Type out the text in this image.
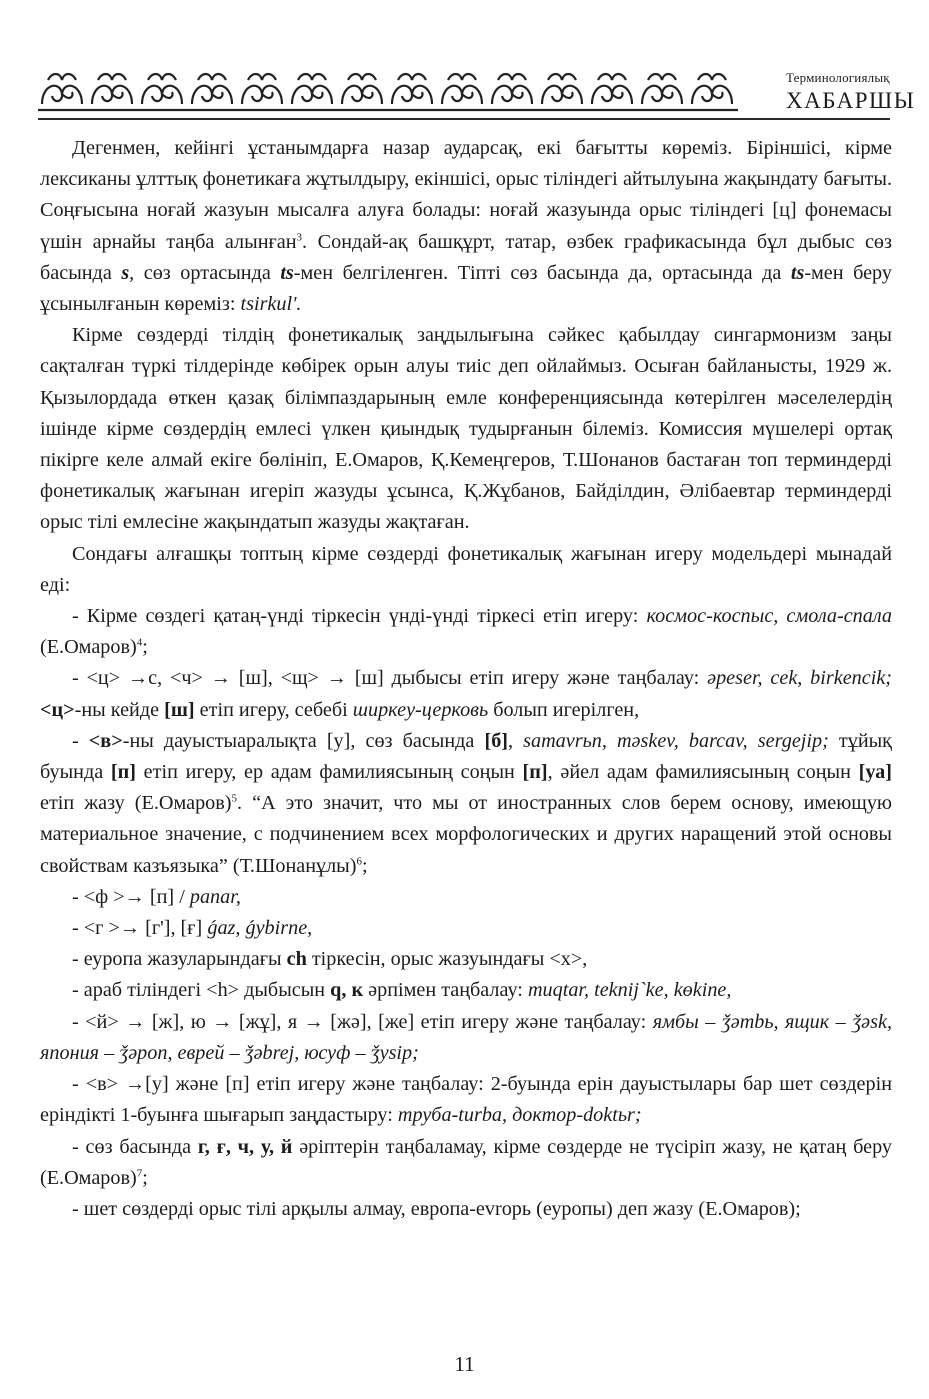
Терминологиялық
ХАБАРШЫ

Дегенмен, кейінгі ұстанымдарға назар аударсақ, екі бағытты көреміз. Біріншісі, кірме лексиканы ұлттық фонетикаға жұтылдыру, екіншісі, орыс тіліндегі айтылуына жақындату бағыты. Соңғысына ноғай жазуын мысалға алуға болады: ноғай жазуында орыс тіліндегі [ц] фонемасы үшін арнайы таңба алынған$^3$. Сондай-ақ башқұрт, татар, өзбек графикасында бұл дыбыс сөз басында s, сөз ортасында ts-мен белгіленген. Тіпті сөз басында да, ортасында да ts-мен беру ұсынылғанын көреміз: tsirkul'.

Кірме сөздерді тілдің фонетикалық заңдылығына сәйкес қабылдау сингармонизм заңы сақталған түркі тілдерінде көбірек орын алуы тиіс деп ойлаймыз. Осыған байланысты, 1929 ж. Қызылордада өткен қазақ білімпаздарының емле конференциясында көтерілген мәселелердің ішінде кірме сөздердің емлесі үлкен қиындық тудырғанын білеміз. Комиссия мүшелері ортақ пікірге келе алмай екіге бөлініп, Е.Омаров, Қ.Кемеңгеров, Т.Шонанов бастаған топ терминдерді фонетикалық жағынан игеріп жазуды ұсынса, Қ.Жұбанов, Байділдин, Әлібаевтар терминдерді орыс тілі емлесіне жақындатып жазуды жақтаған.

Сондағы алғашқы топтың кірме сөздерді фонетикалық жағынан игеру модельдері мынадай еді:

- Кірме сөздегі қатаң-үнді тіркесін үнді-үнді тіркесі етіп игеру: космос-коспыс, смола-спала (Е.Омаров)$^4$;

- <ц> →с, <ч> → [ш], <щ> → [ш] дыбысы етіп игеру және таңбалау: әpeser, cek, birkencik; <ц>-ны кейде [ш] етіп игеру, себебі ширкеу-церковь болып игерілген,

- <в>-ны дауыстыаралықта [у], сөз басында [б], samavrьn, mәskev, barcav, sergejip; тұйық буында [п] етіп игеру, ер адам фамилиясының соңын [п], әйел адам фамилиясының соңын [уа] етіп жазу (Е.Омаров)$^5$. “А это значит, что мы от иностранных слов берем основу, имеющую материальное значение, с подчинением всех морфологических и других наращений этой основы свойствам казъязыка” (Т.Шонанұлы)$^6$;

- <ф >→ [п] / panar,

- <г >→ [г'], [ғ] ǵaz, ǵybirne,

- еуропа жазуларындағы ch тіркесін, орыс жазуындағы <х>,

- араб тіліндегі <h> дыбысын q, к әрпімен таңбалау: muqtar, teknij`ke, kөkine,

- <й> → [ж], ю → [жұ], я → [жә], [же] етіп игеру және таңбалау: ямбы – ǯәmbь, ящик – ǯәsk, япония – ǯәpon, еврей – ǯәbrej, юсуф – ǯysip;

- <в> →[у] және [п] етіп игеру және таңбалау: 2-буында ерін дауыстылары бар шет сөздерін еріндікті 1-буынға шығарып заңдастыру: труба-turba, доктор-doktьr;

- сөз басында г, ғ, ч, у, й әріптерін таңбаламау, кірме сөздерде не түсіріп жазу, не қатаң беру (Е.Омаров)$^7$;

- шет сөздерді орыс тілі арқылы алмау, европа-evrорь (еуропы) деп жазу (Е.Омаров);

11
